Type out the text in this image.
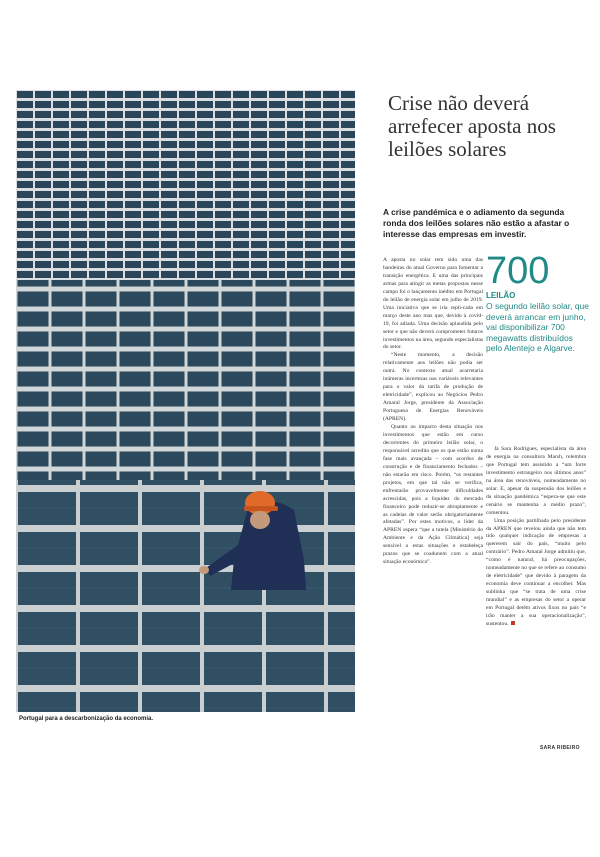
Portugal para a descarbonização da economia.
Crise não deverá arrefecer aposta nos leilões solares

A crise pandémica e o adiamento da segunda ronda dos leilões solares não estão a afastar o interesse das empresas em investir.

A aposta no solar tem sido uma das bandeiras do atual Governo para fomentar a transição energética. E uma das principais armas para atingir as metas propostas nesse campo foi o lançamento inédito em Portugal do leilão de energia solar em julho de 2019. Uma iniciativa que se iria repli-cada em março deste ano mas que, devido à covid-19, foi adiada. Uma decisão aplaudida pelo setor e que não deverá comprometer futuros investimentos na área, segundo especialistas do setor.

“Neste momento, a decisão relativamente aos leilões não podia ser outra. No contexto atual acarretaria inúmeras incertezas nas variáveis relevantes para o valor da tarifa de produção de eletricidade”, explicou ao Negócios Pedro Amaral Jorge, presidente da Associação Portuguesa de Energias Renováveis (APREN).

Quanto ao impacto desta situação nos investimentos que estão em curso decorrentes do primeiro leilão solar, o responsável acredita que os que estão numa fase mais avançada – com acordos de construção e de financiamento fechados – não estarão em risco. Porém, “os restantes projetos, em que tal não se verifica, enfrentarão provavelmente dificuldades acrescidas, pois a liquidez do mercado financeiro pode reduzir-se abruptamente e as cadeias de valor serão obrigatoriamente afetadas”. Por estes motivos, o líder da APREN espera “que a tutela [Ministério do Ambiente e da Ação Climática] seja sensível a estas situações e estabeleça prazos que se coadunem com a atual situação económica”.

700
LEILÃO

O segundo leilão solar, que deverá arrancar em junho, vai disponibilizar 700 megawatts distribuídos pelo Alentejo e Algarve.

Já Sara Rodrigues, especialista da área de energia na consultora Marsh, relembra que Portugal tem assistido a “um forte investimento estrangeiro nos últimos anos” na área das renováveis, nomeadamente no solar. E, apesar da suspensão dos leilões e da situação pandémica “espera-se que este cenário se mantenha a médio prazo”, comentou.

Uma posição partilhada pelo presidente da APREN que revelou ainda que não tem tido qualquer indicação de empresas a quererem sair do país, “muito pelo contrário”. Pedro Amaral Jorge admitiu que, “como é natural, há preocupações, nomeadamente no que se refere ao consumo de eletricidade” que devido à paragem da economia deve continuar a encolher. Mas sublinha que “se trata de uma crise mundial” e as empresas do setor a operar em Portugal detêm ativos fixos no país “e irão manter a sua operacionalização”, sustentou.

SARA RIBEIRO
